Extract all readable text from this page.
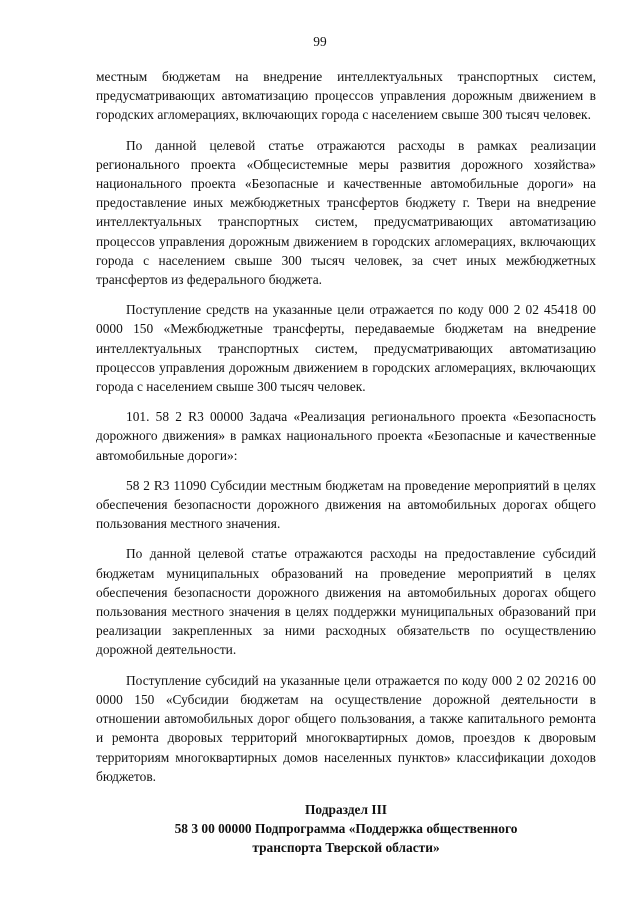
99

местным бюджетам на внедрение интеллектуальных транспортных систем, предусматривающих автоматизацию процессов управления дорожным движением в городских агломерациях, включающих города с населением свыше 300 тысяч человек.

По данной целевой статье отражаются расходы в рамках реализации регионального проекта «Общесистемные меры развития дорожного хозяйства» национального проекта «Безопасные и качественные автомобильные дороги» на предоставление иных межбюджетных трансфертов бюджету г. Твери на внедрение интеллектуальных транспортных систем, предусматривающих автоматизацию процессов управления дорожным движением в городских агломерациях, включающих города с населением свыше 300 тысяч человек, за счет иных межбюджетных трансфертов из федерального бюджета.

Поступление средств на указанные цели отражается по коду 000 2 02 45418 00 0000 150 «Межбюджетные трансферты, передаваемые бюджетам на внедрение интеллектуальных транспортных систем, предусматривающих автоматизацию процессов управления дорожным движением в городских агломерациях, включающих города с населением свыше 300 тысяч человек.

101. 58 2 R3 00000 Задача «Реализация регионального проекта «Безопасность дорожного движения» в рамках национального проекта «Безопасные и качественные автомобильные дороги»:

58 2 R3 11090 Субсидии местным бюджетам на проведение мероприятий в целях обеспечения безопасности дорожного движения на автомобильных дорогах общего пользования местного значения.

По данной целевой статье отражаются расходы на предоставление субсидий бюджетам муниципальных образований на проведение мероприятий в целях обеспечения безопасности дорожного движения на автомобильных дорогах общего пользования местного значения в целях поддержки муниципальных образований при реализации закрепленных за ними расходных обязательств по осуществлению дорожной деятельности.

Поступление субсидий на указанные цели отражается по коду 000 2 02 20216 00 0000 150 «Субсидии бюджетам на осуществление дорожной деятельности в отношении автомобильных дорог общего пользования, а также капитального ремонта и ремонта дворовых территорий многоквартирных домов, проездов к дворовым территориям многоквартирных домов населенных пунктов» классификации доходов бюджетов.

Подраздел III
58 3 00 00000 Подпрограмма «Поддержка общественного
транспорта Тверской области»
